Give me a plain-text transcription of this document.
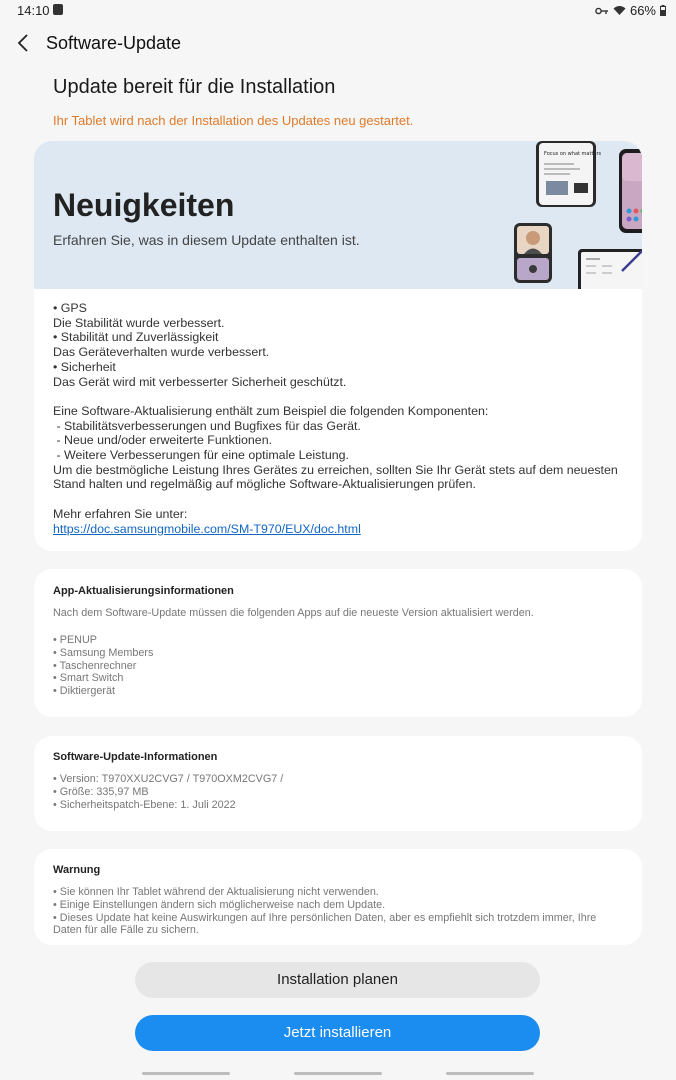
14:10	66%
Software-Update
Update bereit für die Installation
Ihr Tablet wird nach der Installation des Updates neu gestartet.
Neuigkeiten
Erfahren Sie, was in diesem Update enthalten ist.
Focus on what matters
• GPS
Die Stabilität wurde verbessert.
• Stabilität und Zuverlässigkeit
Das Geräteverhalten wurde verbessert.
• Sicherheit
Das Gerät wird mit verbesserter Sicherheit geschützt.
Eine Software-Aktualisierung enthält zum Beispiel die folgenden Komponenten:
- Stabilitätsverbesserungen und Bugfixes für das Gerät.
- Neue und/oder erweiterte Funktionen.
- Weitere Verbesserungen für eine optimale Leistung.
Um die bestmögliche Leistung Ihres Gerätes zu erreichen, sollten Sie Ihr Gerät stets auf dem neuesten Stand halten und regelmäßig auf mögliche Software-Aktualisierungen prüfen.
Mehr erfahren Sie unter:
https://doc.samsungmobile.com/SM-T970/EUX/doc.html
App-Aktualisierungsinformationen
Nach dem Software-Update müssen die folgenden Apps auf die neueste Version aktualisiert werden.
• PENUP
• Samsung Members
• Taschenrechner
• Smart Switch
• Diktiergerät
Software-Update-Informationen
• Version: T970XXU2CVG7 / T970OXM2CVG7 /
• Größe: 335,97 MB
• Sicherheitspatch-Ebene: 1. Juli 2022
Warnung
• Sie können Ihr Tablet während der Aktualisierung nicht verwenden.
• Einige Einstellungen ändern sich möglicherweise nach dem Update.
• Dieses Update hat keine Auswirkungen auf Ihre persönlichen Daten, aber es empfiehlt sich trotzdem immer, Ihre Daten für alle Fälle zu sichern.
Installation planen
Jetzt installieren
